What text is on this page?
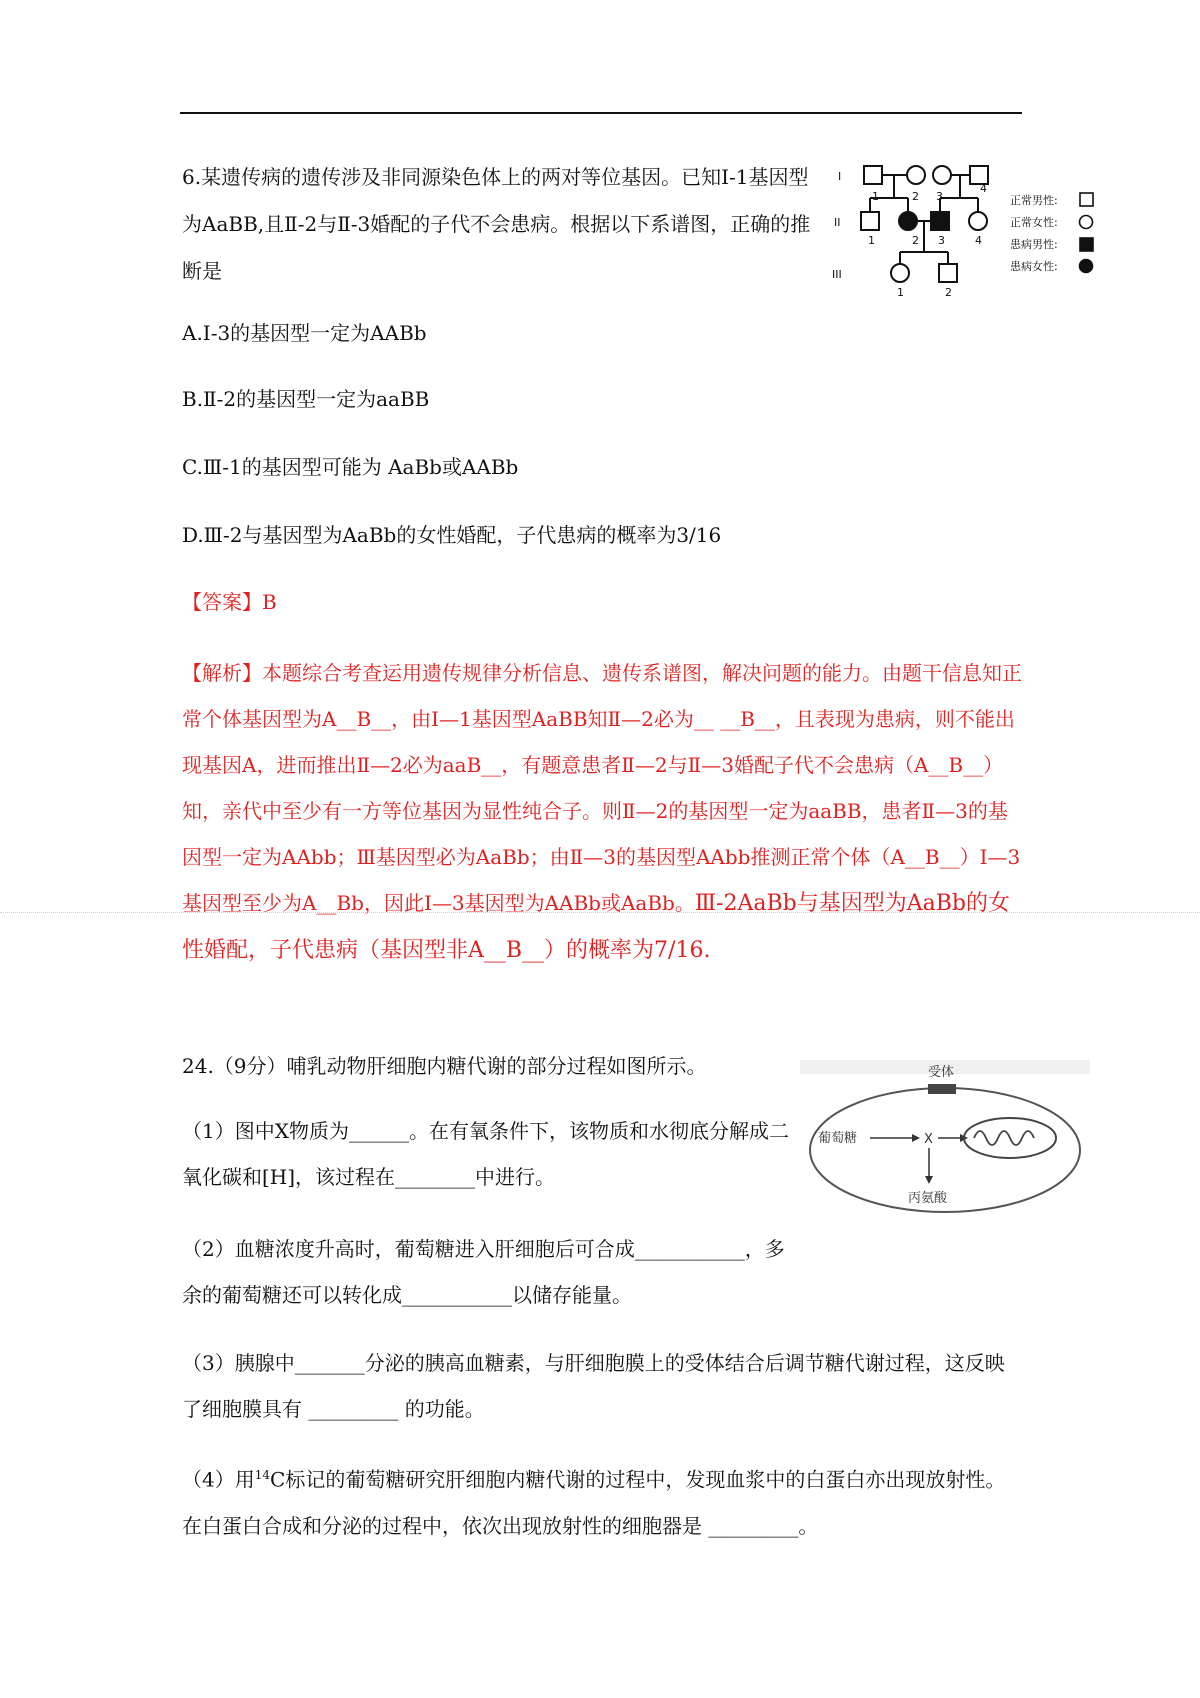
6.某遗传病的遗传涉及非同源染色体上的两对等位基因。已知Ⅰ-1基因型为AaBB,且Ⅱ-2与Ⅱ-3婚配的子代不会患病。根据以下系谱图，正确的推断是
I
II
III
1	2 3
4
1	2 3	4
1	2
正常男性:
正常女性:
患病男性:
患病女性:
A.Ⅰ-3的基因型一定为AABb
B.Ⅱ-2的基因型一定为aaBB
C.Ⅲ-1的基因型可能为 AaBb或AABb
D.Ⅲ-2与基因型为AaBb的女性婚配，子代患病的概率为3/16
【答案】B
【解析】本题综合考查运用遗传规律分析信息、遗传系谱图，解决问题的能力。由题干信息知正常个体基因型为A__B__，由Ⅰ—1基因型AaBB知Ⅱ—2必为__ __B__，且表现为患病，则不能出现基因A，进而推出Ⅱ—2必为aaB__，有题意患者Ⅱ—2与Ⅱ—3婚配子代不会患病（A__B__）知，亲代中至少有一方等位基因为显性纯合子。则Ⅱ—2的基因型一定为aaBB，患者Ⅱ—3的基因型一定为AAbb；Ⅲ基因型必为AaBb；由Ⅱ—3的基因型AAbb推测正常个体（A__B__）Ⅰ—3基因型至少为A__Bb，因此Ⅰ—3基因型为AABb或AaBb。Ⅲ-2AaBb与基因型为AaBb的女性婚配，子代患病（基因型非A__B__）的概率为7/16.
24.（9分）哺乳动物肝细胞内糖代谢的部分过程如图所示。	受体
葡萄糖	X
丙氨酸
（1）图中X物质为______。在有氧条件下，该物质和水彻底分解成二氧化碳和[H]，该过程在________中进行。
（2）血糖浓度升高时，葡萄糖进入肝细胞后可合成___________，多余的葡萄糖还可以转化成___________以储存能量。
（3）胰腺中_______分泌的胰高血糖素，与肝细胞膜上的受体结合后调节糖代谢过程，这反映了细胞膜具有 _________ 的功能。
（4）用$^{14}$C标记的葡萄糖研究肝细胞内糖代谢的过程中，发现血浆中的白蛋白亦出现放射性。在白蛋白合成和分泌的过程中，依次出现放射性的细胞器是 _________。
